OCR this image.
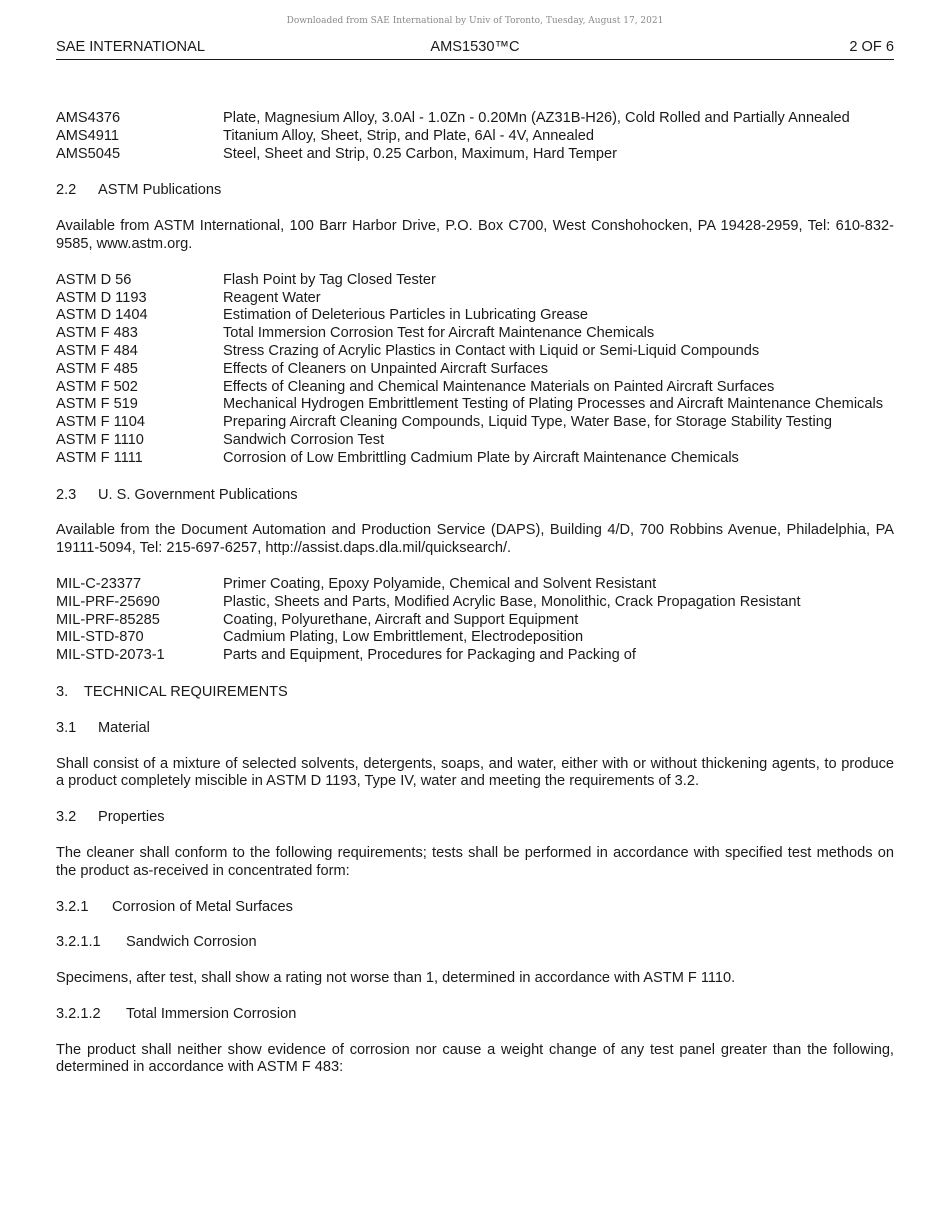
Downloaded from SAE International by Univ of Toronto, Tuesday, August 17, 2021
SAE INTERNATIONAL	AMS1530™C	2 OF 6
AMS4376	Plate, Magnesium Alloy, 3.0Al - 1.0Zn - 0.20Mn (AZ31B-H26), Cold Rolled and Partially Annealed
AMS4911	Titanium Alloy, Sheet, Strip, and Plate, 6Al - 4V, Annealed
AMS5045	Steel, Sheet and Strip, 0.25 Carbon, Maximum, Hard Temper
2.2 ASTM Publications
Available from ASTM International, 100 Barr Harbor Drive, P.O. Box C700, West Conshohocken, PA 19428-2959, Tel: 610-832-9585, www.astm.org.
ASTM D 56	Flash Point by Tag Closed Tester
ASTM D 1193	Reagent Water
ASTM D 1404	Estimation of Deleterious Particles in Lubricating Grease
ASTM F 483	Total Immersion Corrosion Test for Aircraft Maintenance Chemicals
ASTM F 484	Stress Crazing of Acrylic Plastics in Contact with Liquid or Semi-Liquid Compounds
ASTM F 485	Effects of Cleaners on Unpainted Aircraft Surfaces
ASTM F 502	Effects of Cleaning and Chemical Maintenance Materials on Painted Aircraft Surfaces
ASTM F 519	Mechanical Hydrogen Embrittlement Testing of Plating Processes and Aircraft Maintenance Chemicals
ASTM F 1104	Preparing Aircraft Cleaning Compounds, Liquid Type, Water Base, for Storage Stability Testing
ASTM F 1110	Sandwich Corrosion Test
ASTM F 1111	Corrosion of Low Embrittling Cadmium Plate by Aircraft Maintenance Chemicals
2.3 U. S. Government Publications
Available from the Document Automation and Production Service (DAPS), Building 4/D, 700 Robbins Avenue, Philadelphia, PA 19111-5094, Tel: 215-697-6257, http://assist.daps.dla.mil/quicksearch/.
MIL-C-23377	Primer Coating, Epoxy Polyamide, Chemical and Solvent Resistant
MIL-PRF-25690	Plastic, Sheets and Parts, Modified Acrylic Base, Monolithic, Crack Propagation Resistant
MIL-PRF-85285	Coating, Polyurethane, Aircraft and Support Equipment
MIL-STD-870	Cadmium Plating, Low Embrittlement, Electrodeposition
MIL-STD-2073-1	Parts and Equipment, Procedures for Packaging and Packing of
3. TECHNICAL REQUIREMENTS
3.1 Material
Shall consist of a mixture of selected solvents, detergents, soaps, and water, either with or without thickening agents, to produce a product completely miscible in ASTM D 1193, Type IV, water and meeting the requirements of 3.2.
3.2 Properties
The cleaner shall conform to the following requirements; tests shall be performed in accordance with specified test methods on the product as-received in concentrated form:
3.2.1 Corrosion of Metal Surfaces
3.2.1.1 Sandwich Corrosion
Specimens, after test, shall show a rating not worse than 1, determined in accordance with ASTM F 1110.
3.2.1.2 Total Immersion Corrosion
The product shall neither show evidence of corrosion nor cause a weight change of any test panel greater than the following, determined in accordance with ASTM F 483:
